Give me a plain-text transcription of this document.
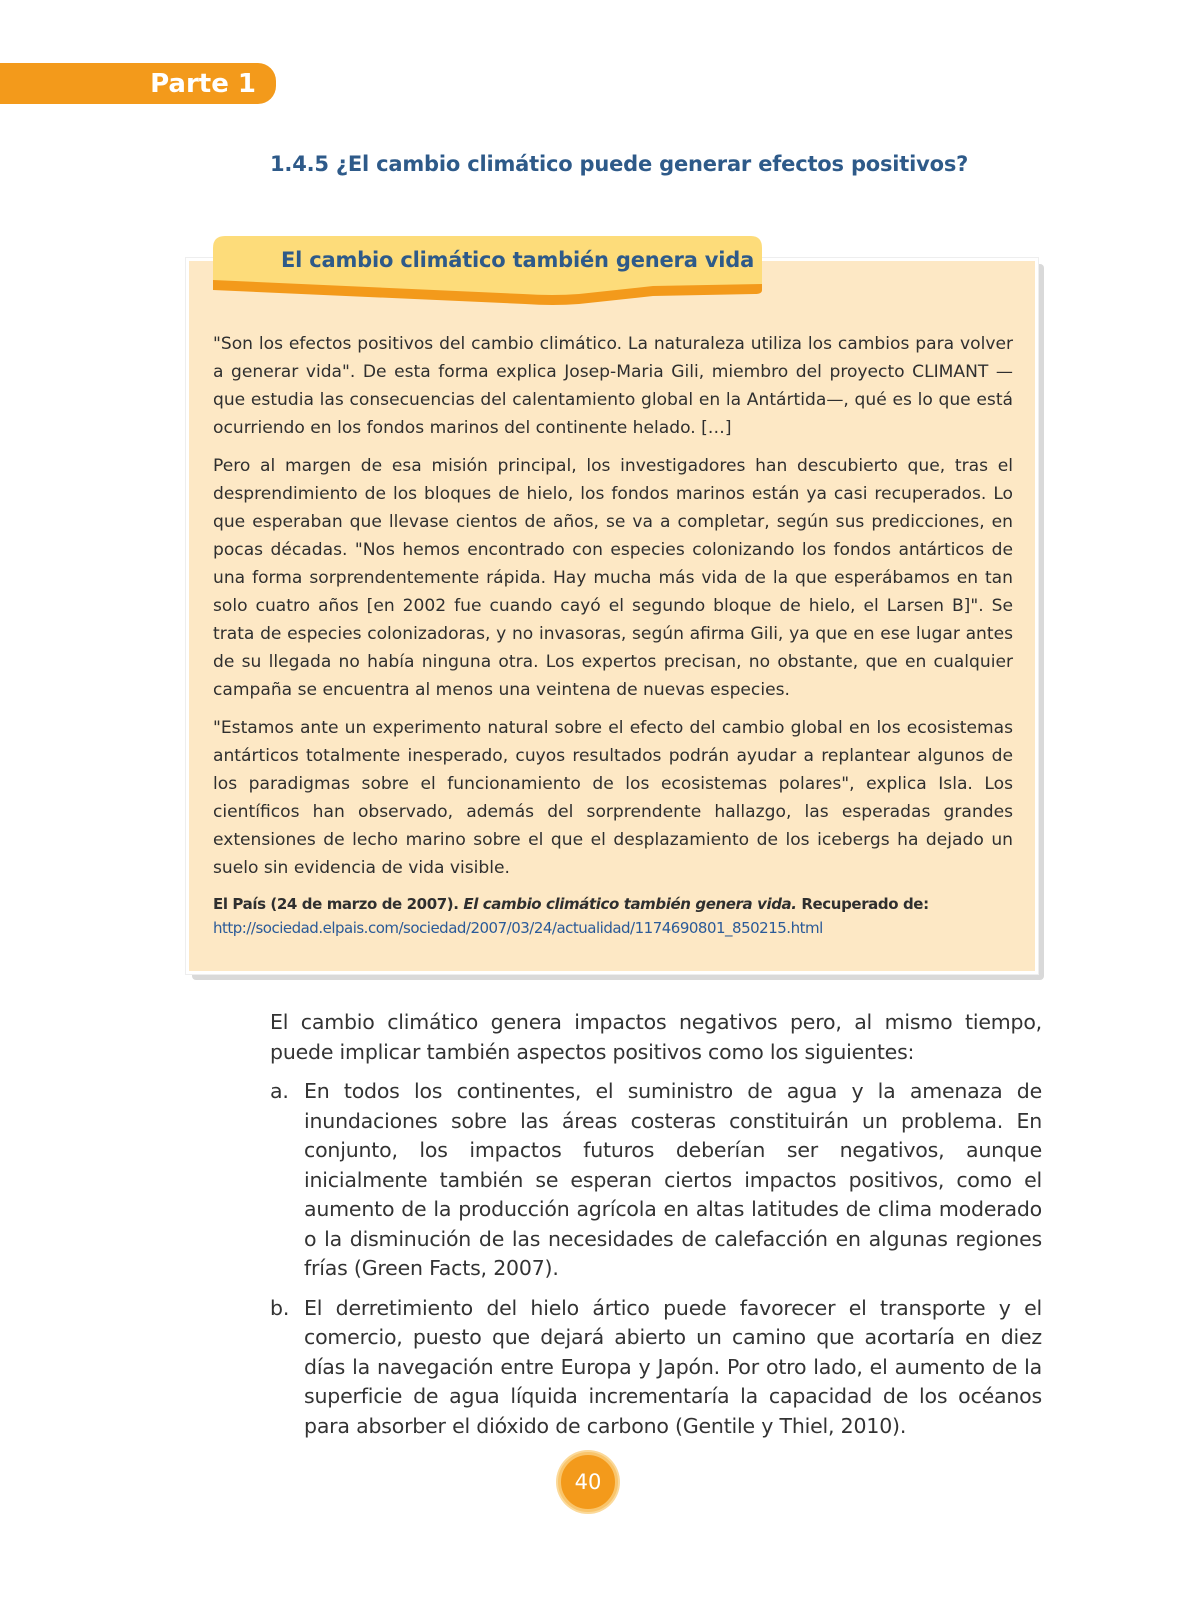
Parte 1
1.4.5 ¿El cambio climático puede generar efectos positivos?
El cambio climático también genera vida

"Son los efectos positivos del cambio climático. La naturaleza utiliza los cambios para volver a generar vida". De esta forma explica Josep-Maria Gili, miembro del proyecto CLIMANT —que estudia las consecuencias del calentamiento global en la Antártida—, qué es lo que está ocurriendo en los fondos marinos del continente helado. […]

Pero al margen de esa misión principal, los investigadores han descubierto que, tras el desprendimiento de los bloques de hielo, los fondos marinos están ya casi recuperados. Lo que esperaban que llevase cientos de años, se va a completar, según sus predicciones, en pocas décadas. "Nos hemos encontrado con especies colonizando los fondos antárticos de una forma sorprendentemente rápida. Hay mucha más vida de la que esperábamos en tan solo cuatro años [en 2002 fue cuando cayó el segundo bloque de hielo, el Larsen B]". Se trata de especies colonizadoras, y no invasoras, según afirma Gili, ya que en ese lugar antes de su llegada no había ninguna otra. Los expertos precisan, no obstante, que en cualquier campaña se encuentra al menos una veintena de nuevas especies.

"Estamos ante un experimento natural sobre el efecto del cambio global en los ecosistemas antárticos totalmente inesperado, cuyos resultados podrán ayudar a replantear algunos de los paradigmas sobre el funcionamiento de los ecosistemas polares", explica Isla. Los científicos han observado, además del sorprendente hallazgo, las esperadas grandes extensiones de lecho marino sobre el que el desplazamiento de los icebergs ha dejado un suelo sin evidencia de vida visible.

El País (24 de marzo de 2007). El cambio climático también genera vida. Recuperado de:
http://sociedad.elpais.com/sociedad/2007/03/24/actualidad/1174690801_850215.html

El cambio climático genera impactos negativos pero, al mismo tiempo, puede implicar también aspectos positivos como los siguientes:

a. En todos los continentes, el suministro de agua y la amenaza de inundaciones sobre las áreas costeras constituirán un problema. En conjunto, los impactos futuros deberían ser negativos, aunque inicialmente también se esperan ciertos impactos positivos, como el aumento de la producción agrícola en altas latitudes de clima moderado o la disminución de las necesidades de calefacción en algunas regiones frías (Green Facts, 2007).
b. El derretimiento del hielo ártico puede favorecer el transporte y el comercio, puesto que dejará abierto un camino que acortaría en diez días la navegación entre Europa y Japón. Por otro lado, el aumento de la superficie de agua líquida incrementaría la capacidad de los océanos para absorber el dióxido de carbono (Gentile y Thiel, 2010).
40
